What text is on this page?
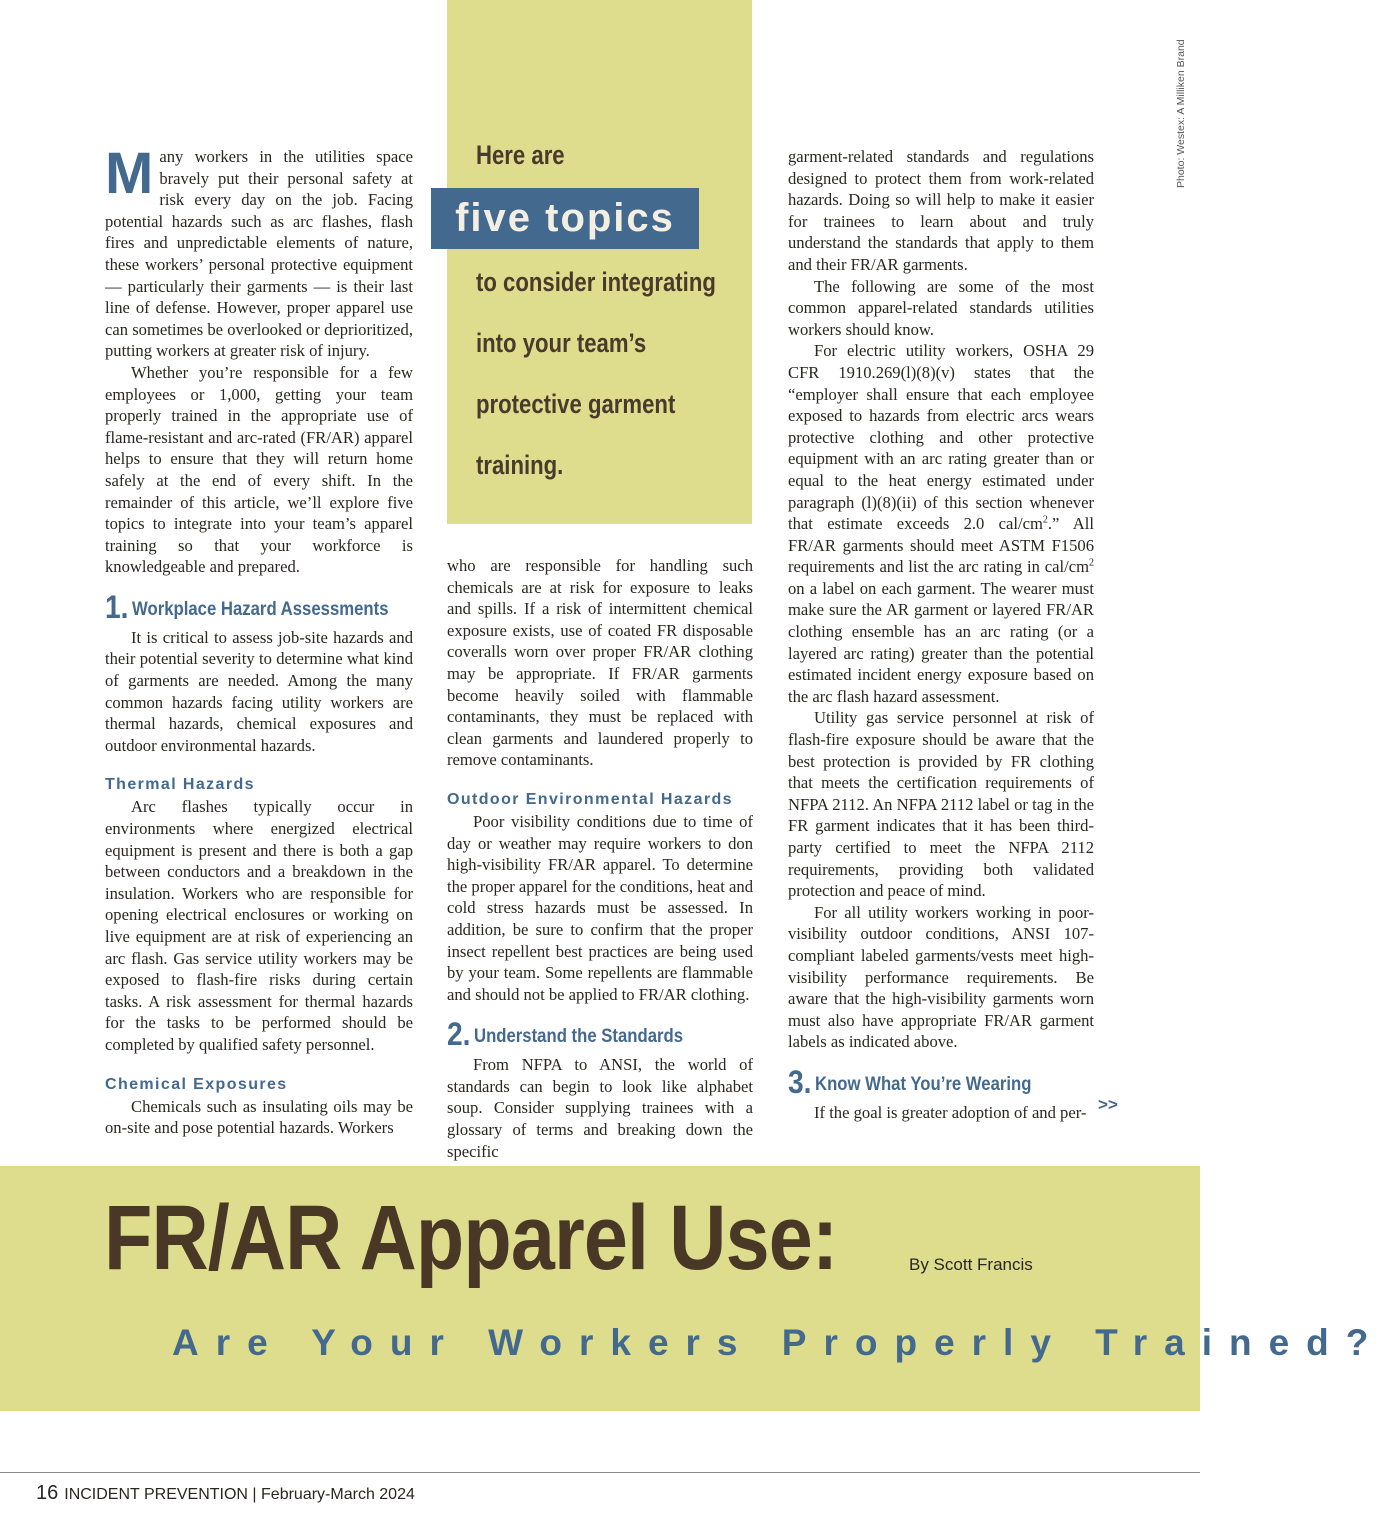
Photo: Westex: A Milliken Brand
Here are
five topics
to consider integrating
into your team’s
protective garment
training.

Many workers in the utilities space bravely put their personal safety at risk every day on the job. Facing potential hazards such as arc flashes, flash fires and unpredictable elements of nature, these workers’ personal protective equipment — particularly their garments — is their last line of defense. However, proper apparel use can sometimes be overlooked or deprioritized, putting workers at greater risk of injury.

Whether you’re responsible for a few employees or 1,000, getting your team properly trained in the appropriate use of flame-resistant and arc-rated (FR/AR) apparel helps to ensure that they will return home safely at the end of every shift. In the remainder of this article, we’ll explore five topics to integrate into your team’s apparel training so that your workforce is knowledgeable and prepared.

1. Workplace Hazard Assessments

It is critical to assess job-site hazards and their potential severity to determine what kind of garments are needed. Among the many common hazards facing utility workers are thermal hazards, chemical exposures and outdoor environmental hazards.

Thermal Hazards

Arc flashes typically occur in environments where energized electrical equipment is present and there is both a gap between conductors and a breakdown in the insulation. Workers who are responsible for opening electrical enclosures or working on live equipment are at risk of experiencing an arc flash. Gas service utility workers may be exposed to flash-fire risks during certain tasks. A risk assessment for thermal hazards for the tasks to be performed should be completed by qualified safety personnel.

Chemical Exposures

Chemicals such as insulating oils may be on-site and pose potential hazards. Workers

who are responsible for handling such chemicals are at risk for exposure to leaks and spills. If a risk of intermittent chemical exposure exists, use of coated FR disposable coveralls worn over proper FR/AR clothing may be appropriate. If FR/AR garments become heavily soiled with flammable contaminants, they must be replaced with clean garments and laundered properly to remove contaminants.

Outdoor Environmental Hazards

Poor visibility conditions due to time of day or weather may require workers to don high-visibility FR/AR apparel. To determine the proper apparel for the conditions, heat and cold stress hazards must be assessed. In addition, be sure to confirm that the proper insect repellent best practices are being used by your team. Some repellents are flammable and should not be applied to FR/AR clothing.

2. Understand the Standards

From NFPA to ANSI, the world of standards can begin to look like alphabet soup. Consider supplying trainees with a glossary of terms and breaking down the specific

garment-related standards and regulations designed to protect them from work-related hazards. Doing so will help to make it easier for trainees to learn about and truly understand the standards that apply to them and their FR/AR garments.

The following are some of the most common apparel-related standards utilities workers should know.

For electric utility workers, OSHA 29 CFR 1910.269(l)(8)(v) states that the “employer shall ensure that each employee exposed to hazards from electric arcs wears protective clothing and other protective equipment with an arc rating greater than or equal to the heat energy estimated under paragraph (l)(8)(ii) of this section whenever that estimate exceeds 2.0 cal/$cm^2$.” All FR/AR garments should meet ASTM F1506 requirements and list the arc rating in cal/$cm^2$ on a label on each garment. The wearer must make sure the AR garment or layered FR/AR clothing ensemble has an arc rating (or a layered arc rating) greater than the potential estimated incident energy exposure based on the arc flash hazard assessment.

Utility gas service personnel at risk of flash-fire exposure should be aware that the best protection is provided by FR clothing that meets the certification requirements of NFPA 2112. An NFPA 2112 label or tag in the FR garment indicates that it has been third-party certified to meet the NFPA 2112 requirements, providing both validated protection and peace of mind.

For all utility workers working in poor-visibility outdoor conditions, ANSI 107-compliant labeled garments/vests meet high-visibility performance requirements. Be aware that the high-visibility garments worn must also have appropriate FR/AR garment labels as indicated above.

3. Know What You’re Wearing

If the goal is greater adoption of and per- >>
FR/AR Apparel Use:	By Scott Francis
Are Your Workers Properly Trained?
16 INCIDENT PREVENTION | February-March 2024
